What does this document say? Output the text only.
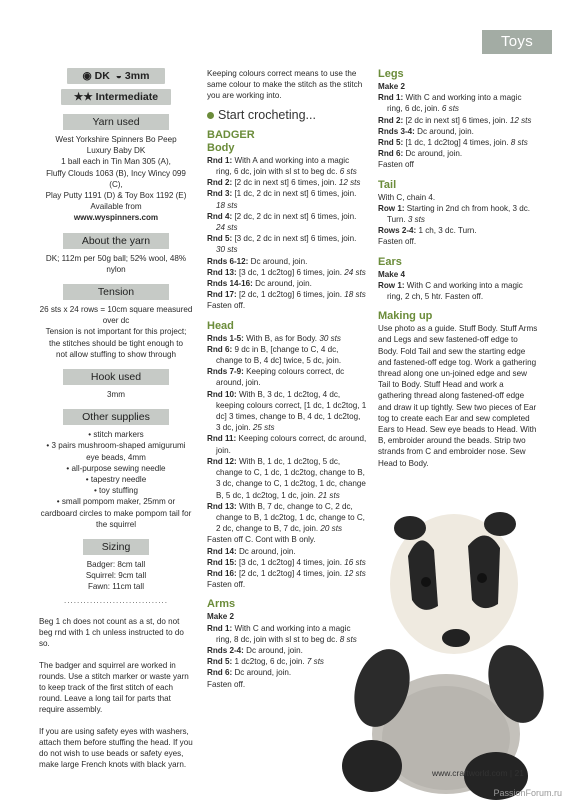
Toys
◉ DK ◒ 3mm
★★ Intermediate
Yarn used
West Yorkshire Spinners Bo Peep
Luxury Baby DK
1 ball each in Tin Man 305 (A),
Fluffy Clouds 1063 (B), Incy Wincy 099 (C),
Play Putty 1191 (D) & Toy Box 1192 (E)
Available from
www.wyspinners.com
About the yarn
DK; 112m per 50g ball; 52% wool, 48% nylon
Tension
26 sts x 24 rows = 10cm square measured
over dc
Tension is not important for this project;
the stitches should be tight enough to
not allow stuffing to show through
Hook used
3mm
Other supplies
• stitch markers
• 3 pairs mushroom-shaped amigurumi eye beads, 4mm
• all-purpose sewing needle
• tapestry needle
• toy stuffing
• small pompom maker, 25mm or cardboard circles to make pompom tail for the squirrel
Sizing
Badger: 8cm tall
Squirrel: 9cm tall
Fawn: 11cm tall
................................
Beg 1 ch does not count as a st, do not beg rnd with 1 ch unless instructed to do so.
The badger and squirrel are worked in rounds. Use a stitch marker or waste yarn to keep track of the first stitch of each round. Leave a long tail for parts that require assembly.
If you are using safety eyes with washers, attach them before stuffing the head. If you do not wish to use beads or safety eyes, make large French knots with black yarn.
Keeping colours correct means to use the same colour to make the stitch as the stitch you are working into.
Start crocheting...
BADGER
Body
Rnd 1: With A and working into a magic ring, 6 dc, join with sl st to beg dc. 6 sts
Rnd 2: [2 dc in next st] 6 times, join. 12 sts
Rnd 3: [1 dc, 2 dc in next st] 6 times, join. 18 sts
Rnd 4: [2 dc, 2 dc in next st] 6 times, join. 24 sts
Rnd 5: [3 dc, 2 dc in next st] 6 times, join. 30 sts
Rnds 6-12: Dc around, join.
Rnd 13: [3 dc, 1 dc2tog] 6 times, join. 24 sts
Rnds 14-16: Dc around, join.
Rnd 17: [2 dc, 1 dc2tog] 6 times, join. 18 sts
Fasten off.
Head
Rnds 1-5: With B, as for Body. 30 sts
Rnd 6: 9 dc in B, [change to C, 4 dc, change to B, 4 dc] twice, 5 dc, join.
Rnds 7-9: Keeping colours correct, dc around, join.
Rnd 10: With B, 3 dc, 1 dc2tog, 4 dc, keeping colours correct, [1 dc, 1 dc2tog, 1 dc] 3 times, change to B, 4 dc, 1 dc2tog, 3 dc, join. 25 sts
Rnd 11: Keeping colours correct, dc around, join.
Rnd 12: With B, 1 dc, 1 dc2tog, 5 dc, change to C, 1 dc, 1 dc2tog, change to B, 3 dc, change to C, 1 dc2tog, 1 dc, change B, 5 dc, 1 dc2tog, 1 dc, join. 21 sts
Rnd 13: With B, 7 dc, change to C, 2 dc, change to B, 1 dc2tog, 1 dc, change to C, 2 dc, change to B, 7 dc, join. 20 sts
Fasten off C. Cont with B only.
Rnd 14: Dc around, join.
Rnd 15: [3 dc, 1 dc2tog] 4 times, join. 16 sts
Rnd 16: [2 dc, 1 dc2tog] 4 times, join. 12 sts
Fasten off.
Arms
Make 2
Rnd 1: With C and working into a magic ring, 8 dc, join with sl st to beg dc. 8 sts
Rnds 2-4: Dc around, join.
Rnd 5: 1 dc2tog, 6 dc, join. 7 sts
Rnd 6: Dc around, join.
Fasten off.
Legs
Make 2
Rnd 1: With C and working into a magic ring, 6 dc, join. 6 sts
Rnd 2: [2 dc in next st] 6 times, join. 12 sts
Rnds 3-4: Dc around, join.
Rnd 5: [1 dc, 1 dc2tog] 4 times, join. 8 sts
Rnd 6: Dc around, join.
Fasten off
Tail
With C, chain 4.
Row 1: Starting in 2nd ch from hook, 3 dc. Turn. 3 sts
Rows 2-4: 1 ch, 3 dc. Turn.
Fasten off.
Ears
Make 4
Row 1: With C and working into a magic ring, 2 ch, 5 htr. Fasten off.
Making up
Use photo as a guide. Stuff Body. Stuff Arms and Legs and sew fastened-off edge to Body. Fold Tail and sew the starting edge and fastened-off edge tog. Work a gathering thread along one un-joined edge and sew Tail to Body. Stuff Head and work a gathering thread along fastened-off edge and draw it up tightly. Sew two pieces of Ear tog to create each Ear and sew completed Ears to Head. Sew eye beads to Head. With B, embroider around the beads. Strip two strands from C and embroider nose. Sew Head to Body.
www.craftworld.com | 21
PassionForum.ru
